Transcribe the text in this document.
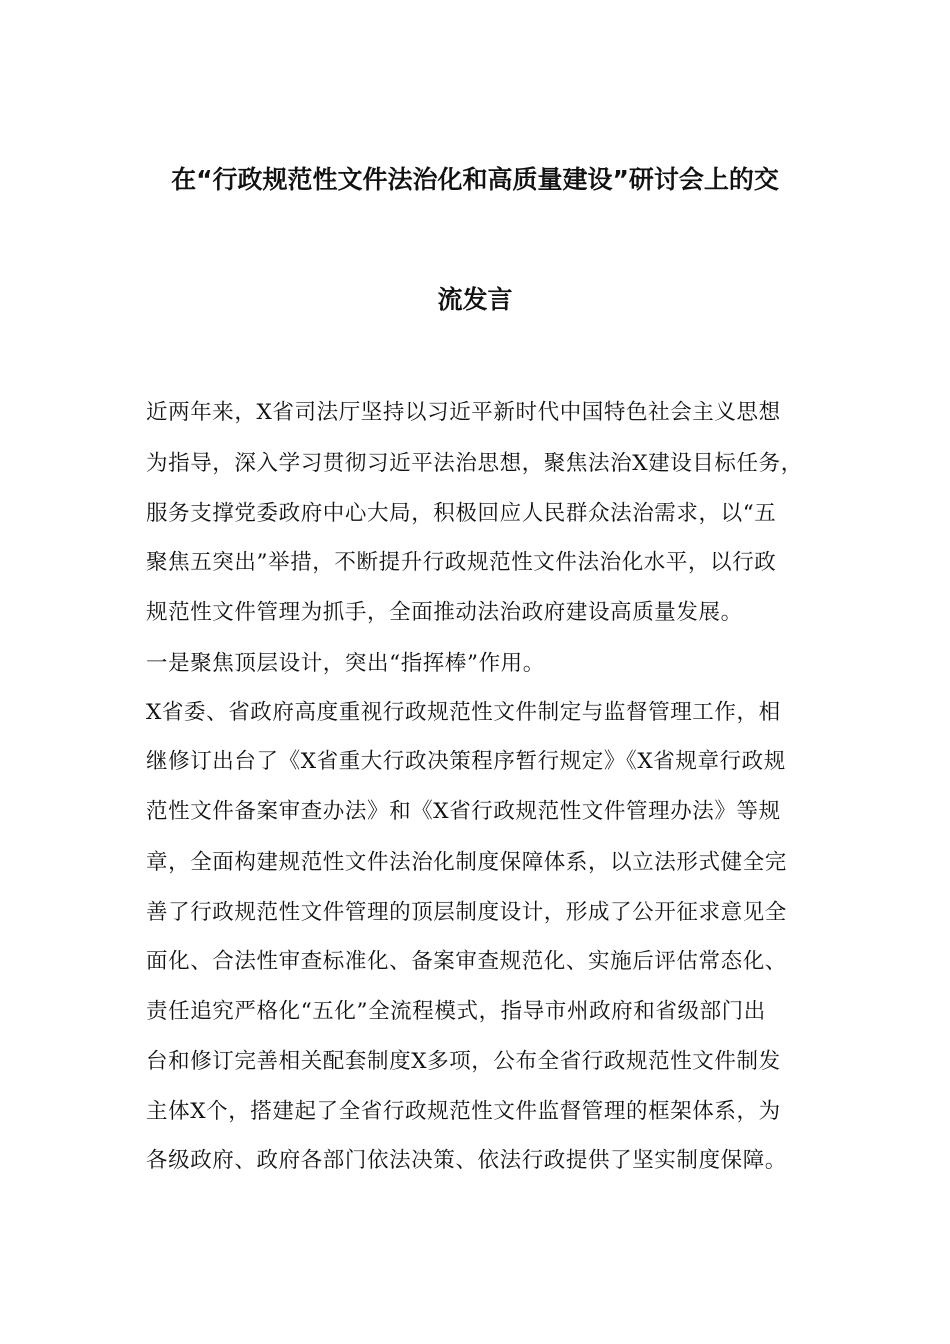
在“行政规范性文件法治化和高质量建设”研讨会上的交
流发言
近两年来，X省司法厅坚持以习近平新时代中国特色社会主义思想
为指导，深入学习贯彻习近平法治思想，聚焦法治X建设目标任务，
服务支撑党委政府中心大局，积极回应人民群众法治需求，以“五
聚焦五突出”举措，不断提升行政规范性文件法治化水平，以行政
规范性文件管理为抓手，全面推动法治政府建设高质量发展。
一是聚焦顶层设计，突出“指挥棒”作用。
X省委、省政府高度重视行政规范性文件制定与监督管理工作，相
继修订出台了《X省重大行政决策程序暂行规定》《X省规章行政规
范性文件备案审查办法》和《X省行政规范性文件管理办法》等规
章，全面构建规范性文件法治化制度保障体系，以立法形式健全完
善了行政规范性文件管理的顶层制度设计，形成了公开征求意见全
面化、合法性审查标准化、备案审查规范化、实施后评估常态化、
责任追究严格化“五化”全流程模式，指导市州政府和省级部门出
台和修订完善相关配套制度X多项，公布全省行政规范性文件制发
主体X个，搭建起了全省行政规范性文件监督管理的框架体系，为
各级政府、政府各部门依法决策、依法行政提供了坚实制度保障。
